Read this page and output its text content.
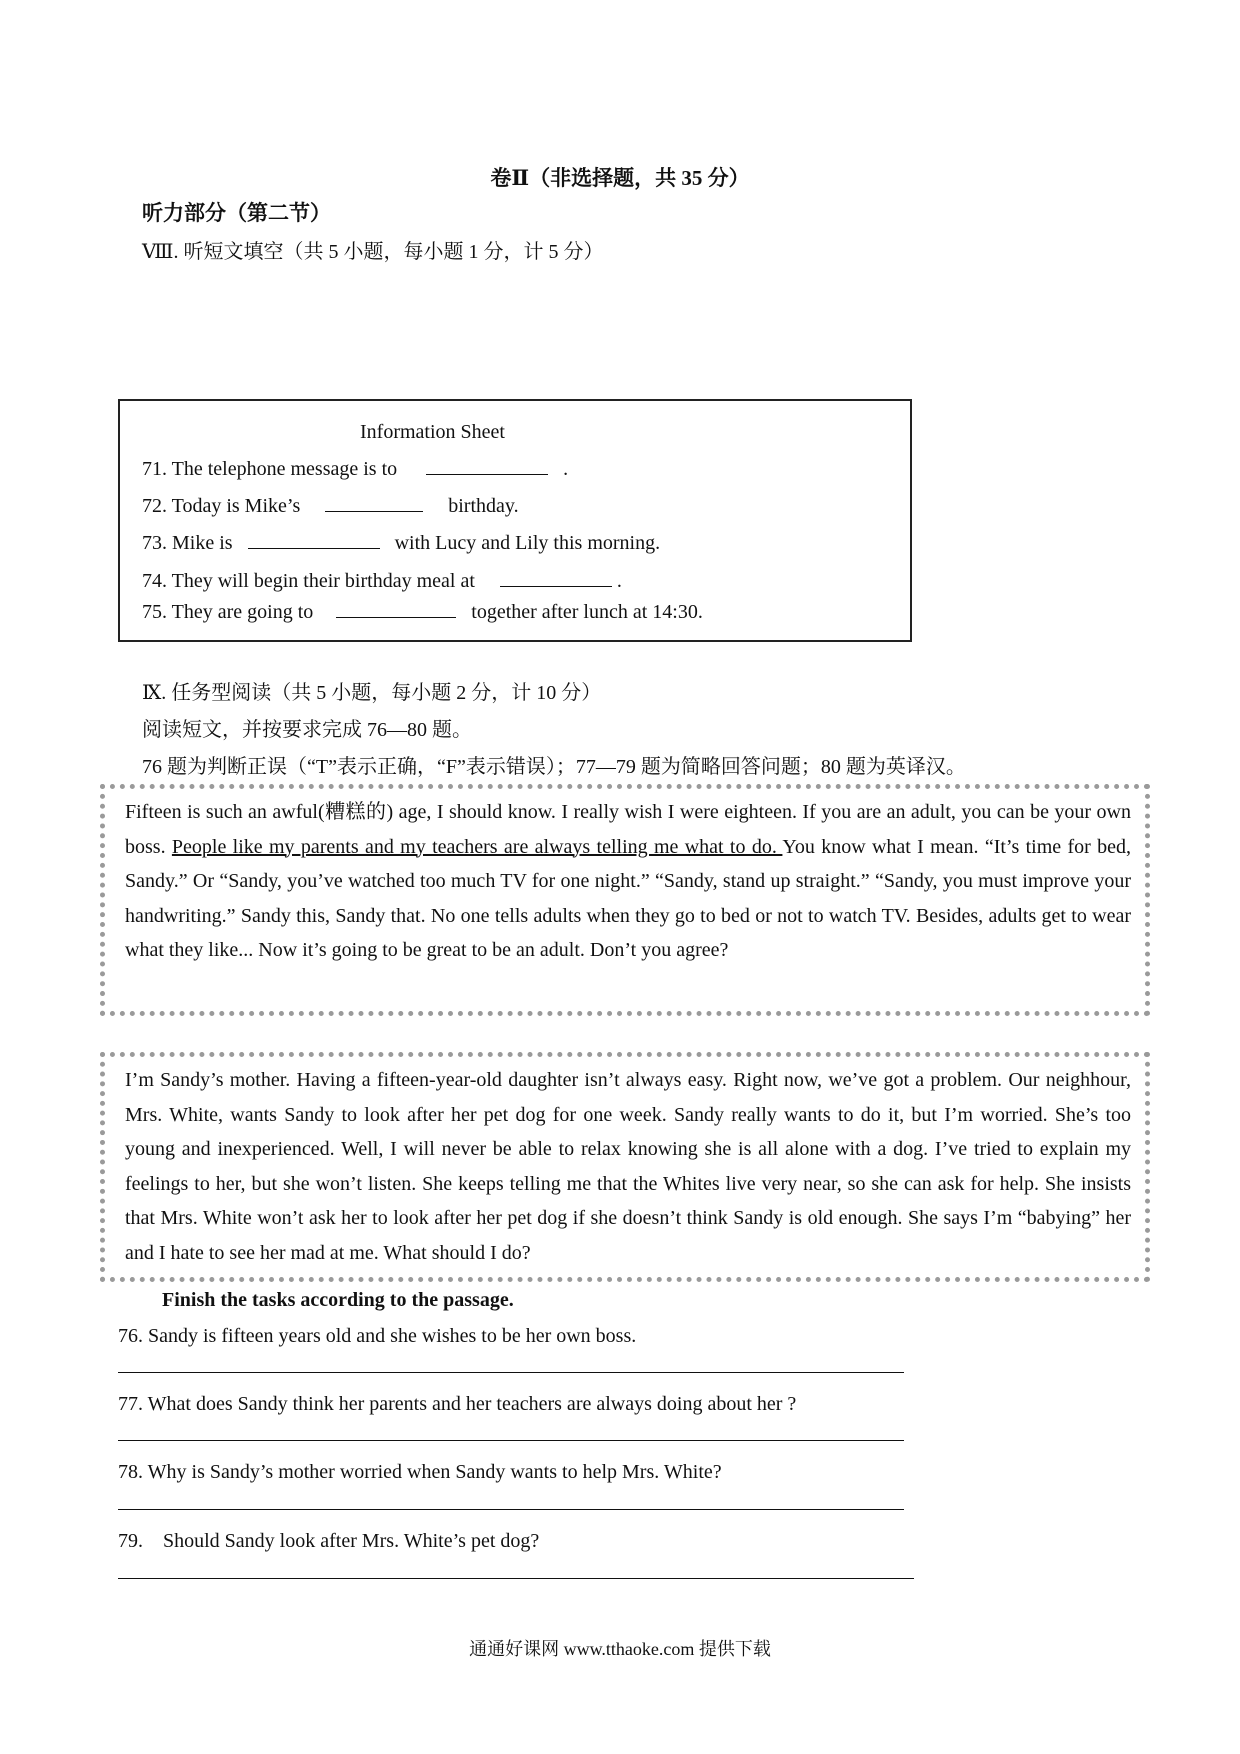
卷Ⅱ（非选择题，共 35 分）
听力部分（第二节）
Ⅷ. 听短文填空（共 5 小题，每小题 1 分，计 5 分）
Information Sheet
71. The telephone message is to	.
72. Today is Mike’s	birthday.
73. Mike is	with Lucy and Lily this morning.
74. They will begin their birthday meal at	.
75. They are going to	together after lunch at 14:30.
Ⅸ. 任务型阅读（共 5 小题，每小题 2 分，计 10 分）
阅读短文，并按要求完成 76—80 题。
76 题为判断正误（“T”表示正确，“F”表示错误）；77—79 题为简略回答问题；80 题为英译汉。
Fifteen is such an awful(糟糕的) age, I should know. I really wish I were eighteen. If you are an adult, you can be your own boss. People like my parents and my teachers are always telling me what to do. You know what I mean. “It’s time for bed, Sandy.” Or “Sandy, you’ve watched too much TV for one night.” “Sandy, stand up straight.” “Sandy, you must improve your handwriting.” Sandy this, Sandy that. No one tells adults when they go to bed or not to watch TV. Besides, adults get to wear what they like... Now it’s going to be great to be an adult. Don’t you agree?
I’m Sandy’s mother. Having a fifteen-year-old daughter isn’t always easy. Right now, we’ve got a problem. Our neighhour, Mrs. White, wants Sandy to look after her pet dog for one week. Sandy really wants to do it, but I’m worried. She’s too young and inexperienced. Well, I will never be able to relax knowing she is all alone with a dog. I’ve tried to explain my feelings to her, but she won’t listen. She keeps telling me that the Whites live very near, so she can ask for help. She insists that Mrs. White won’t ask her to look after her pet dog if she doesn’t think Sandy is old enough. She says I’m “babying” her and I hate to see her mad at me. What should I do?
Finish the tasks according to the passage.
76. Sandy is fifteen years old and she wishes to be her own boss.
77. What does Sandy think her parents and her teachers are always doing about her ?
78. Why is Sandy’s mother worried when Sandy wants to help Mrs. White?
79.    Should Sandy look after Mrs. White’s pet dog?
通通好课网 www.tthaoke.com 提供下载
